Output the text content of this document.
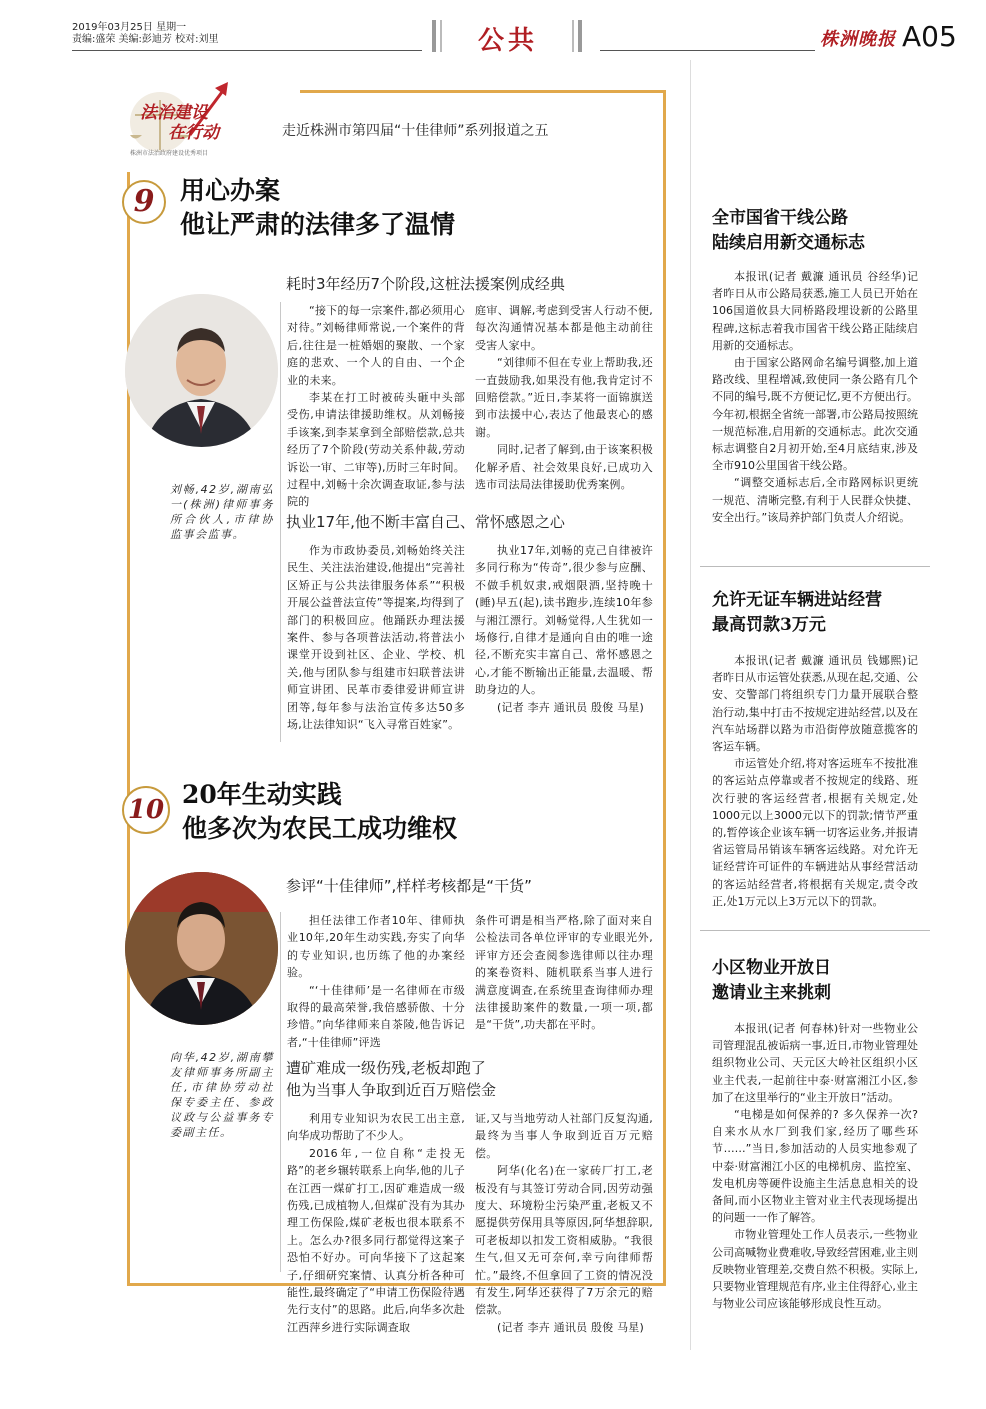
2019年03月25日 星期一
责编:盛荣 美编:彭迪芳 校对:刘里	公共	株洲晚报 A05
法治建设
在行动
株洲市法治政府建设优秀项目
走近株洲市第四届“十佳律师”系列报道之五
9	用心办案
他让严肃的法律多了温情
耗时3年经历7个阶段,这桩法援案例成经典

“接下的每一宗案件,都必须用心对待。”刘畅律师常说,一个案件的背后,往往是一桩婚姻的聚散、一个家庭的悲欢、一个人的自由、一个企业的未来。

李某在打工时被砖头砸中头部受伤,申请法律援助维权。从刘畅接手该案,到李某拿到全部赔偿款,总共经历了7个阶段(劳动关系仲裁,劳动诉讼一审、二审等),历时三年时间。过程中,刘畅十余次调查取证,参与法院的

庭审、调解,考虑到受害人行动不便,每次沟通情况基本都是他主动前往受害人家中。

“刘律师不但在专业上帮助我,还一直鼓励我,如果没有他,我肯定讨不回赔偿款。”近日,李某将一面锦旗送到市法援中心,表达了他最衷心的感谢。

同时,记者了解到,由于该案积极化解矛盾、社会效果良好,已成功入选市司法局法律援助优秀案例。

刘畅,42岁,湖南弘一(株洲)律师事务所合伙人,市律协监事会监事。
执业17年,他不断丰富自己、常怀感恩之心

作为市政协委员,刘畅始终关注民生、关注法治建设,他提出“完善社区矫正与公共法律服务体系”“积极开展公益普法宣传”等提案,均得到了部门的积极回应。他踊跃办理法援案件、参与各项普法活动,将普法小课堂开设到社区、企业、学校、机关,他与团队参与组建市妇联普法讲师宣讲团、民革市委律爱讲师宣讲团等,每年参与法治宣传多达50多场,让法律知识“飞入寻常百姓家”。

执业17年,刘畅的克己自律被许多同行称为“传奇”,很少参与应酬、不做手机奴隶,戒烟限酒,坚持晚十(睡)早五(起),读书跑步,连续10年参与湘江漂行。刘畅觉得,人生犹如一场修行,自律才是通向自由的唯一途径,不断充实丰富自己、常怀感恩之心,才能不断输出正能量,去温暖、帮助身边的人。

(记者 李卉 通讯员 殷俊 马星)

10
20年生动实践
他多次为农民工成功维权
参评“十佳律师”,样样考核都是“干货”

担任法律工作者10年、律师执业10年,20年生动实践,夯实了向华的专业知识,也历练了他的办案经验。

“‘十佳律师’是一名律师在市级取得的最高荣誉,我倍感骄傲、十分珍惜。”向华律师来自茶陵,他告诉记者,“十佳律师”评选

条件可谓是相当严格,除了面对来自公检法司各单位评审的专业眼光外,评审方还会查阅参选律师以往办理的案卷资料、随机联系当事人进行满意度调查,在系统里查询律师办理法律援助案件的数量,一项一项,都是“干货”,功夫都在平时。

向华,42岁,湖南攀友律师事务所副主任,市律协劳动社保专委主任、参政议政与公益事务专委副主任。
遭矿难成一级伤残,老板却跑了
他为当事人争取到近百万赔偿金

利用专业知识为农民工出主意,向华成功帮助了不少人。

2016年,一位自称“走投无路”的老乡辗转联系上向华,他的儿子在江西一煤矿打工,因矿难造成一级伤残,已成植物人,但煤矿没有为其办理工伤保险,煤矿老板也很本联系不上。怎么办?很多同行都觉得这案子恐怕不好办。可向华接下了这起案子,仔细研究案情、认真分析各种可能性,最终确定了“申请工伤保险待遇先行支付”的思路。此后,向华多次赴江西萍乡进行实际调查取

证,又与当地劳动人社部门反复沟通,最终为当事人争取到近百万元赔偿。

阿华(化名)在一家砖厂打工,老板没有与其签订劳动合同,因劳动强度大、环境粉尘污染严重,老板又不愿提供劳保用具等原因,阿华想辞职,可老板却以扣发工资相威胁。“我很生气,但又无可奈何,幸亏向律师帮忙。”最终,不但拿回了工资的情况没有发生,阿华还获得了7万余元的赔偿款。

(记者 李卉 通讯员 殷俊 马星)

全市国省干线公路
陆续启用新交通标志

本报讯(记者 戴濂 通讯员 谷经华)记者昨日从市公路局获悉,施工人员已开始在106国道攸县大同桥路段埋设新的公路里程碑,这标志着我市国省干线公路正陆续启用新的交通标志。

由于国家公路网命名编号调整,加上道路改线、里程增减,致使同一条公路有几个不同的编号,既不方便记忆,更不方便出行。今年初,根据全省统一部署,市公路局按照统一规范标准,启用新的交通标志。此次交通标志调整自2月初开始,至4月底结束,涉及全市910公里国省干线公路。

“调整交通标志后,全市路网标识更统一规范、清晰完整,有利于人民群众快捷、安全出行。”该局养护部门负责人介绍说。

允许无证车辆进站经营
最高罚款3万元

本报讯(记者 戴濂 通讯员 钱娜熙)记者昨日从市运管处获悉,从现在起,交通、公安、交警部门将组织专门力量开展联合整治行动,集中打击不按规定进站经营,以及在汽车站场群以路为市沿街停放随意揽客的客运车辆。

市运管处介绍,将对客运班车不按批准的客运站点停靠或者不按规定的线路、班次行驶的客运经营者,根据有关规定,处1000元以上3000元以下的罚款;情节严重的,暂停该企业该车辆一切客运业务,并报请省运管局吊销该车辆客运线路。对允许无证经营许可证件的车辆进站从事经营活动的客运站经营者,将根据有关规定,责令改正,处1万元以上3万元以下的罚款。

小区物业开放日
邀请业主来挑刺

本报讯(记者 何春林)针对一些物业公司管理混乱被诟病一事,近日,市物业管理处组织物业公司、天元区大岭社区组织小区业主代表,一起前往中泰·财富湘江小区,参加了在这里举行的“业主开放日”活动。

“电梯是如何保养的? 多久保养一次? 自来水从水厂到我们家,经历了哪些环节……”当日,参加活动的人员实地参观了中泰·财富湘江小区的电梯机房、监控室、发电机房等硬件设施主生活息息相关的设备间,而小区物业主管对业主代表现场提出的问题一一作了解答。

市物业管理处工作人员表示,一些物业公司高喊物业费难收,导致经营困难,业主则反映物业管理差,交费自然不积极。实际上,只要物业管理规范有序,业主住得舒心,业主与物业公司应该能够形成良性互动。
